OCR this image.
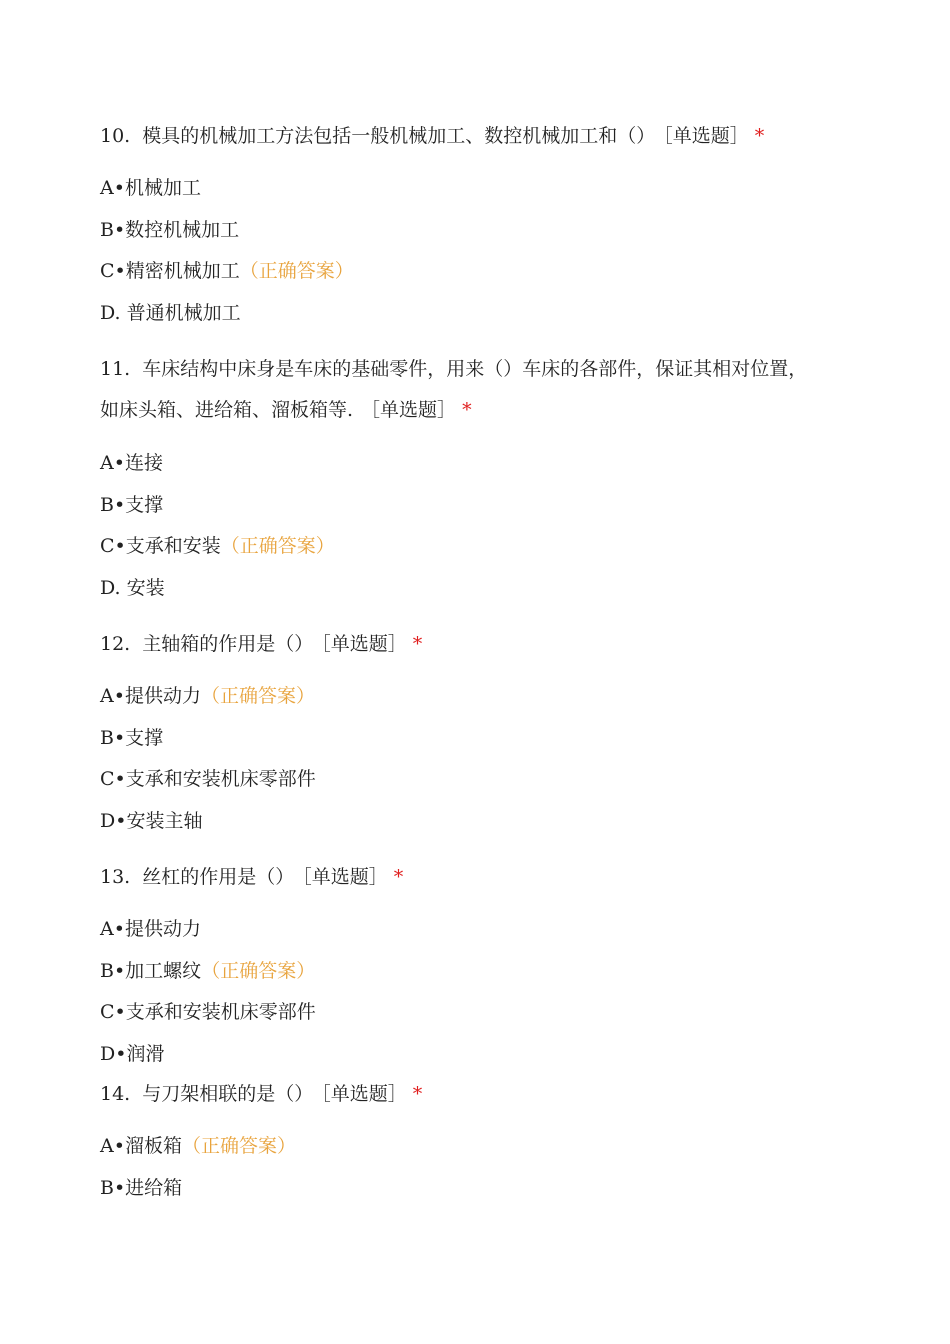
10. 模具的机械加工方法包括一般机械加工、数控机械加工和（） ［单选题］ *
A•机械加工
B•数控机械加工
C•精密机械加工（正确答案）
D. 普通机械加工
11. 车床结构中床身是车床的基础零件，用来（）车床的各部件，保证其相对位置，如床头箱、进给箱、溜板箱等. ［单选题］ *
A•连接
B•支撑
C•支承和安装（正确答案）
D. 安装
12. 主轴箱的作用是（） ［单选题］ *
A•提供动力（正确答案）
B•支撑
C•支承和安装机床零部件
D•安装主轴
13. 丝杠的作用是（） ［单选题］ *
A•提供动力
B•加工螺纹（正确答案）
C•支承和安装机床零部件
D•润滑
14. 与刀架相联的是（） ［单选题］ *
A•溜板箱（正确答案）
B•进给箱
